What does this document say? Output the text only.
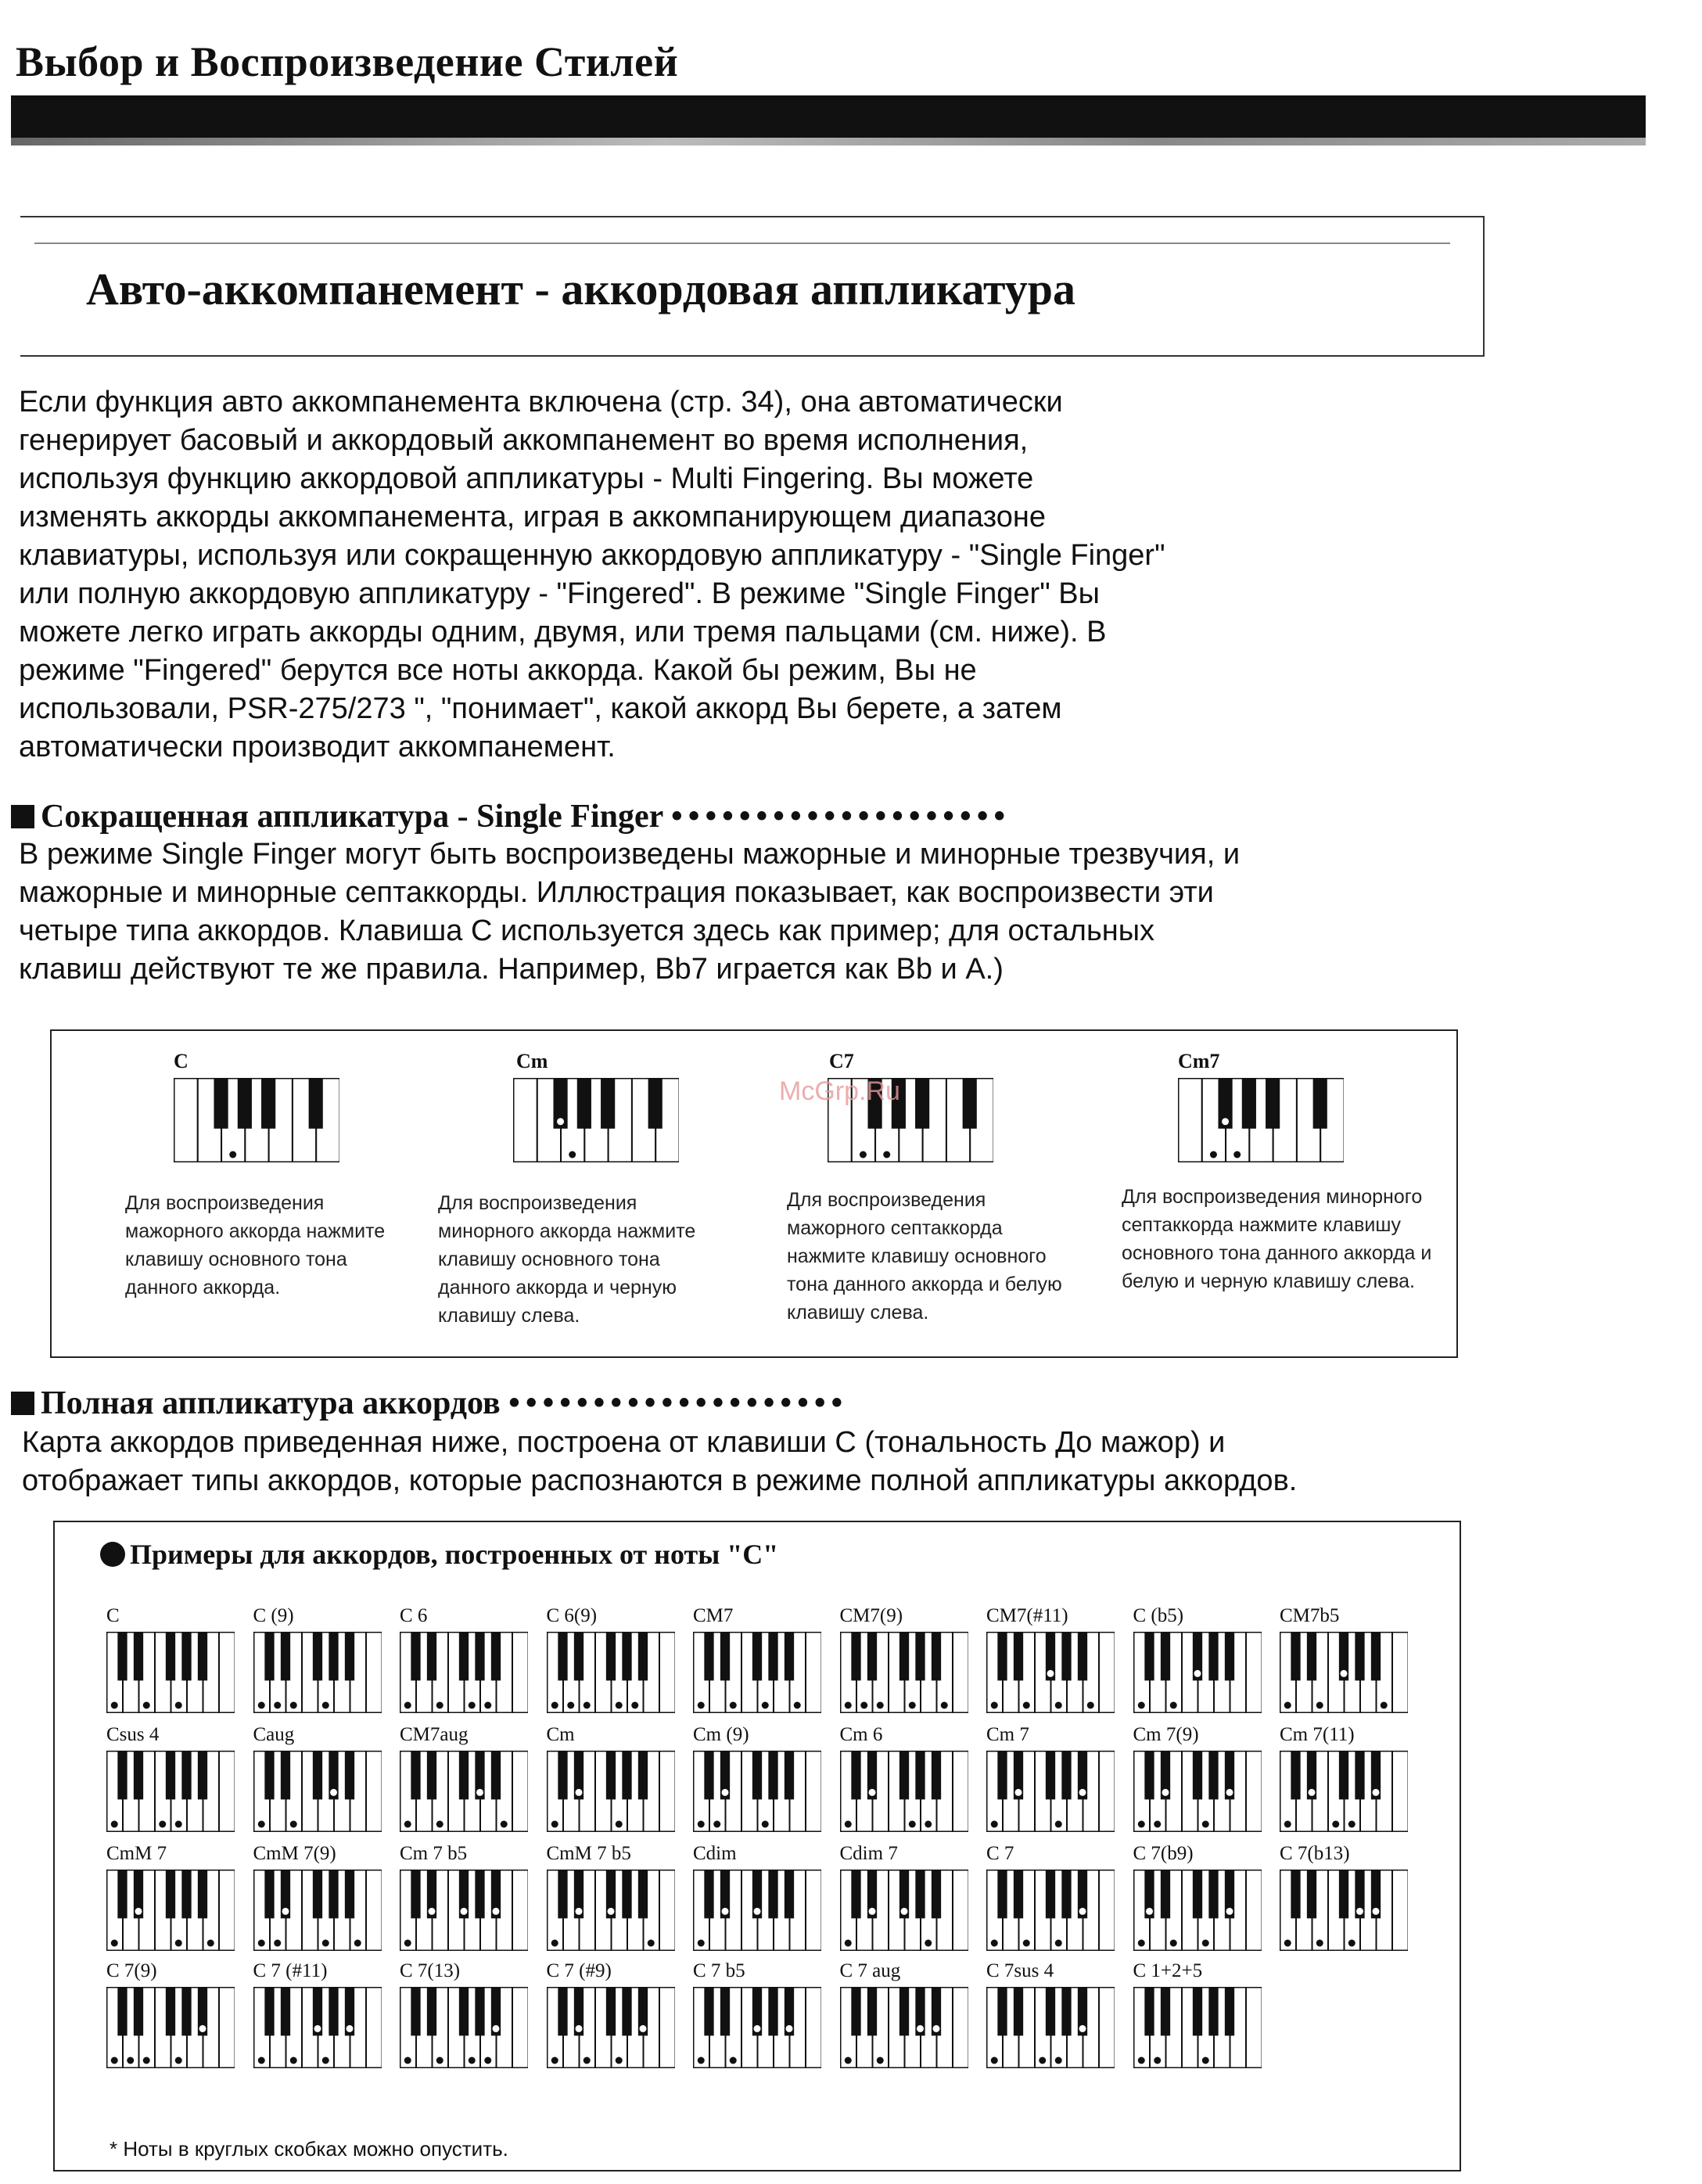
Выбор и Воспроизведение Стилей
Авто-аккомпанемент - аккордовая аппликатура

Если функция авто аккомпанемента включена (стр. 34), она автоматически генерирует басовый и аккордовый аккомпанемент во время исполнения, используя функцию аккордовой аппликатуры - Multi Fingering. Вы можете изменять аккорды аккомпанемента, играя в аккомпанирующем диапазоне клавиатуры, используя или сокращенную аккордовую аппликатуру - "Single Finger" или полную аккордовую аппликатуру - "Fingered". В режиме "Single Finger" Вы можете легко играть аккорды одним, двумя, или тремя пальцами (см. ниже). В режиме "Fingered" берутся все ноты аккорда. Какой бы режим, Вы не использовали, PSR-275/273 ", "понимает", какой аккорд Вы берете, а затем автоматически производит аккомпанемент.

Сокращенная аппликатура - Single Finger ••••••••••••••••••••

В режиме Single Finger могут быть воспроизведены мажорные и минорные трезвучия, и мажорные и минорные септаккорды. Иллюстрация показывает, как воспроизвести эти четыре типа аккордов. Клавиша С используется здесь как пример; для остальных клавиш действуют те же правила. Например, Bb7 играется как Bb и А.)

C

Для воспроизведения мажорного аккорда нажмите клавишу основного тона данного аккорда.

Cm

Для воспроизведения минорного аккорда нажмите клавишу основного тона данного аккорда и черную клавишу слева.

C7

Для воспроизведения мажорного септаккорда нажмите клавишу основного тона данного аккорда и белую клавишу слева.

Cm7

Для воспроизведения минорного септаккорда нажмите клавишу основного тона данного аккорда и белую и черную клавишу слева.

McGrp.Ru

Полная аппликатура аккордов ••••••••••••••••••••

Карта аккордов приведенная ниже, построена от клавиши С (тональность До мажор) и отображает типы аккордов, которые распознаются в режиме полной аппликатуры аккордов.

Примеры для аккордов, построенных от ноты "С"

C	C (9)	C 6	C 6(9)	CM7	CM7(9)	CM7(#11)	C (b5)	CM7b5
Csus 4	Caug	CM7aug	Cm	Cm (9)	Cm 6	Cm 7	Cm 7(9)	Cm 7(11)
CmM 7	CmM 7(9)	Cm 7 b5	CmM 7 b5	Cdim	Cdim 7	C 7	C 7(b9)	C 7(b13)
C 7(9)	C 7 (#11)	C 7(13)	C 7 (#9)	C 7 b5	C 7 aug	C 7sus 4	C 1+2+5

* Ноты в круглых скобках можно опустить.
